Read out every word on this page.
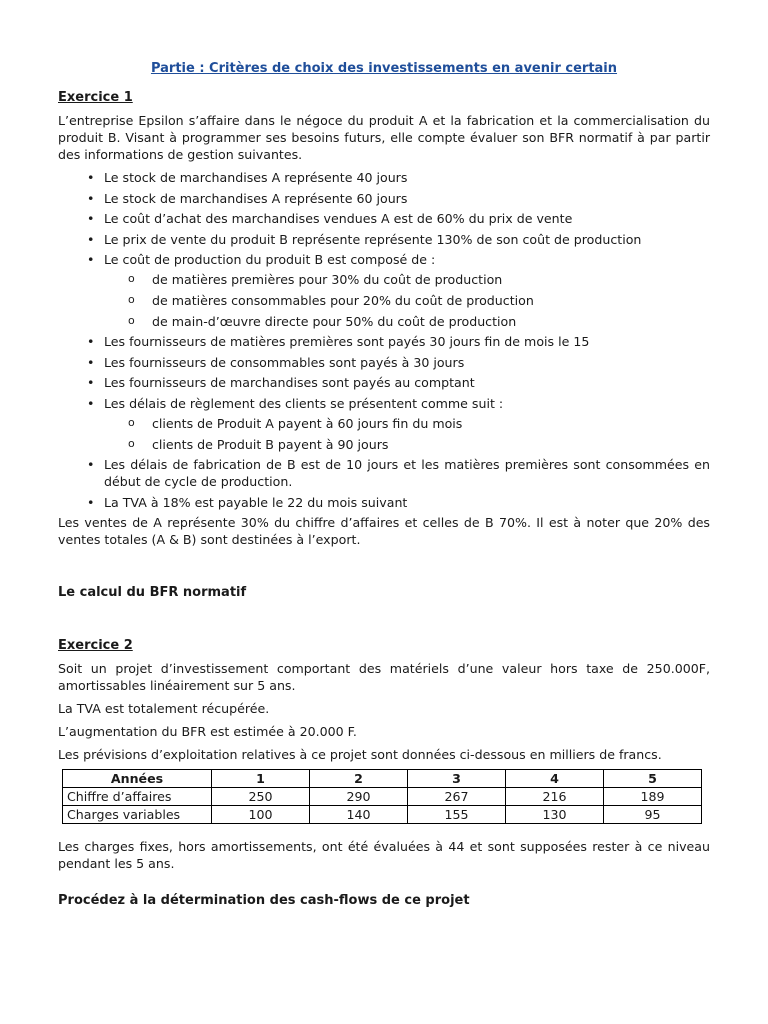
Partie : Critères de choix des investissements en avenir certain
Exercice 1

L’entreprise Epsilon s’affaire dans le négoce du produit A et la fabrication et la commercialisation du produit B. Visant à programmer ses besoins futurs, elle compte évaluer son BFR normatif à par partir des informations de gestion suivantes.

• Le stock de marchandises A représente 40 jours
• Le stock de marchandises A représente 60 jours
• Le coût d’achat des marchandises vendues A est de 60% du prix de vente
• Le prix de vente du produit B représente représente 130% de son coût de production
• Le coût de production du produit B est composé de :
o de matières premières pour 30% du coût de production
o de matières consommables pour 20% du coût de production
o de main-d’œuvre directe pour 50% du coût de production
• Les fournisseurs de matières premières sont payés 30 jours fin de mois le 15
• Les fournisseurs de consommables sont payés à 30 jours
• Les fournisseurs de marchandises sont payés au comptant
• Les délais de règlement des clients se présentent comme suit :
o clients de Produit A payent à 60 jours fin du mois
o clients de Produit B payent à 90 jours
• Les délais de fabrication de B est de 10 jours et les matières premières sont consommées en début de cycle de production.
• La TVA à 18% est payable le 22 du mois suivant

Les ventes de A représente 30% du chiffre d’affaires et celles de B 70%. Il est à noter que 20% des ventes totales (A & B) sont destinées à l’export.

Le calcul du BFR normatif
Exercice 2

Soit un projet d’investissement comportant des matériels d’une valeur hors taxe de 250.000F, amortissables linéairement sur 5 ans.

La TVA est totalement récupérée.

L’augmentation du BFR est estimée à 20.000 F.

Les prévisions d’exploitation relatives à ce projet sont données ci-dessous en milliers de francs.

Années	1	2	3	4	5
Chiffre d’affaires	250	290	267	216	189
Charges variables	100	140	155	130	95

Les charges fixes, hors amortissements, ont été évaluées à 44 et sont supposées rester à ce niveau pendant les 5 ans.

Procédez à la détermination des cash-flows de ce projet
